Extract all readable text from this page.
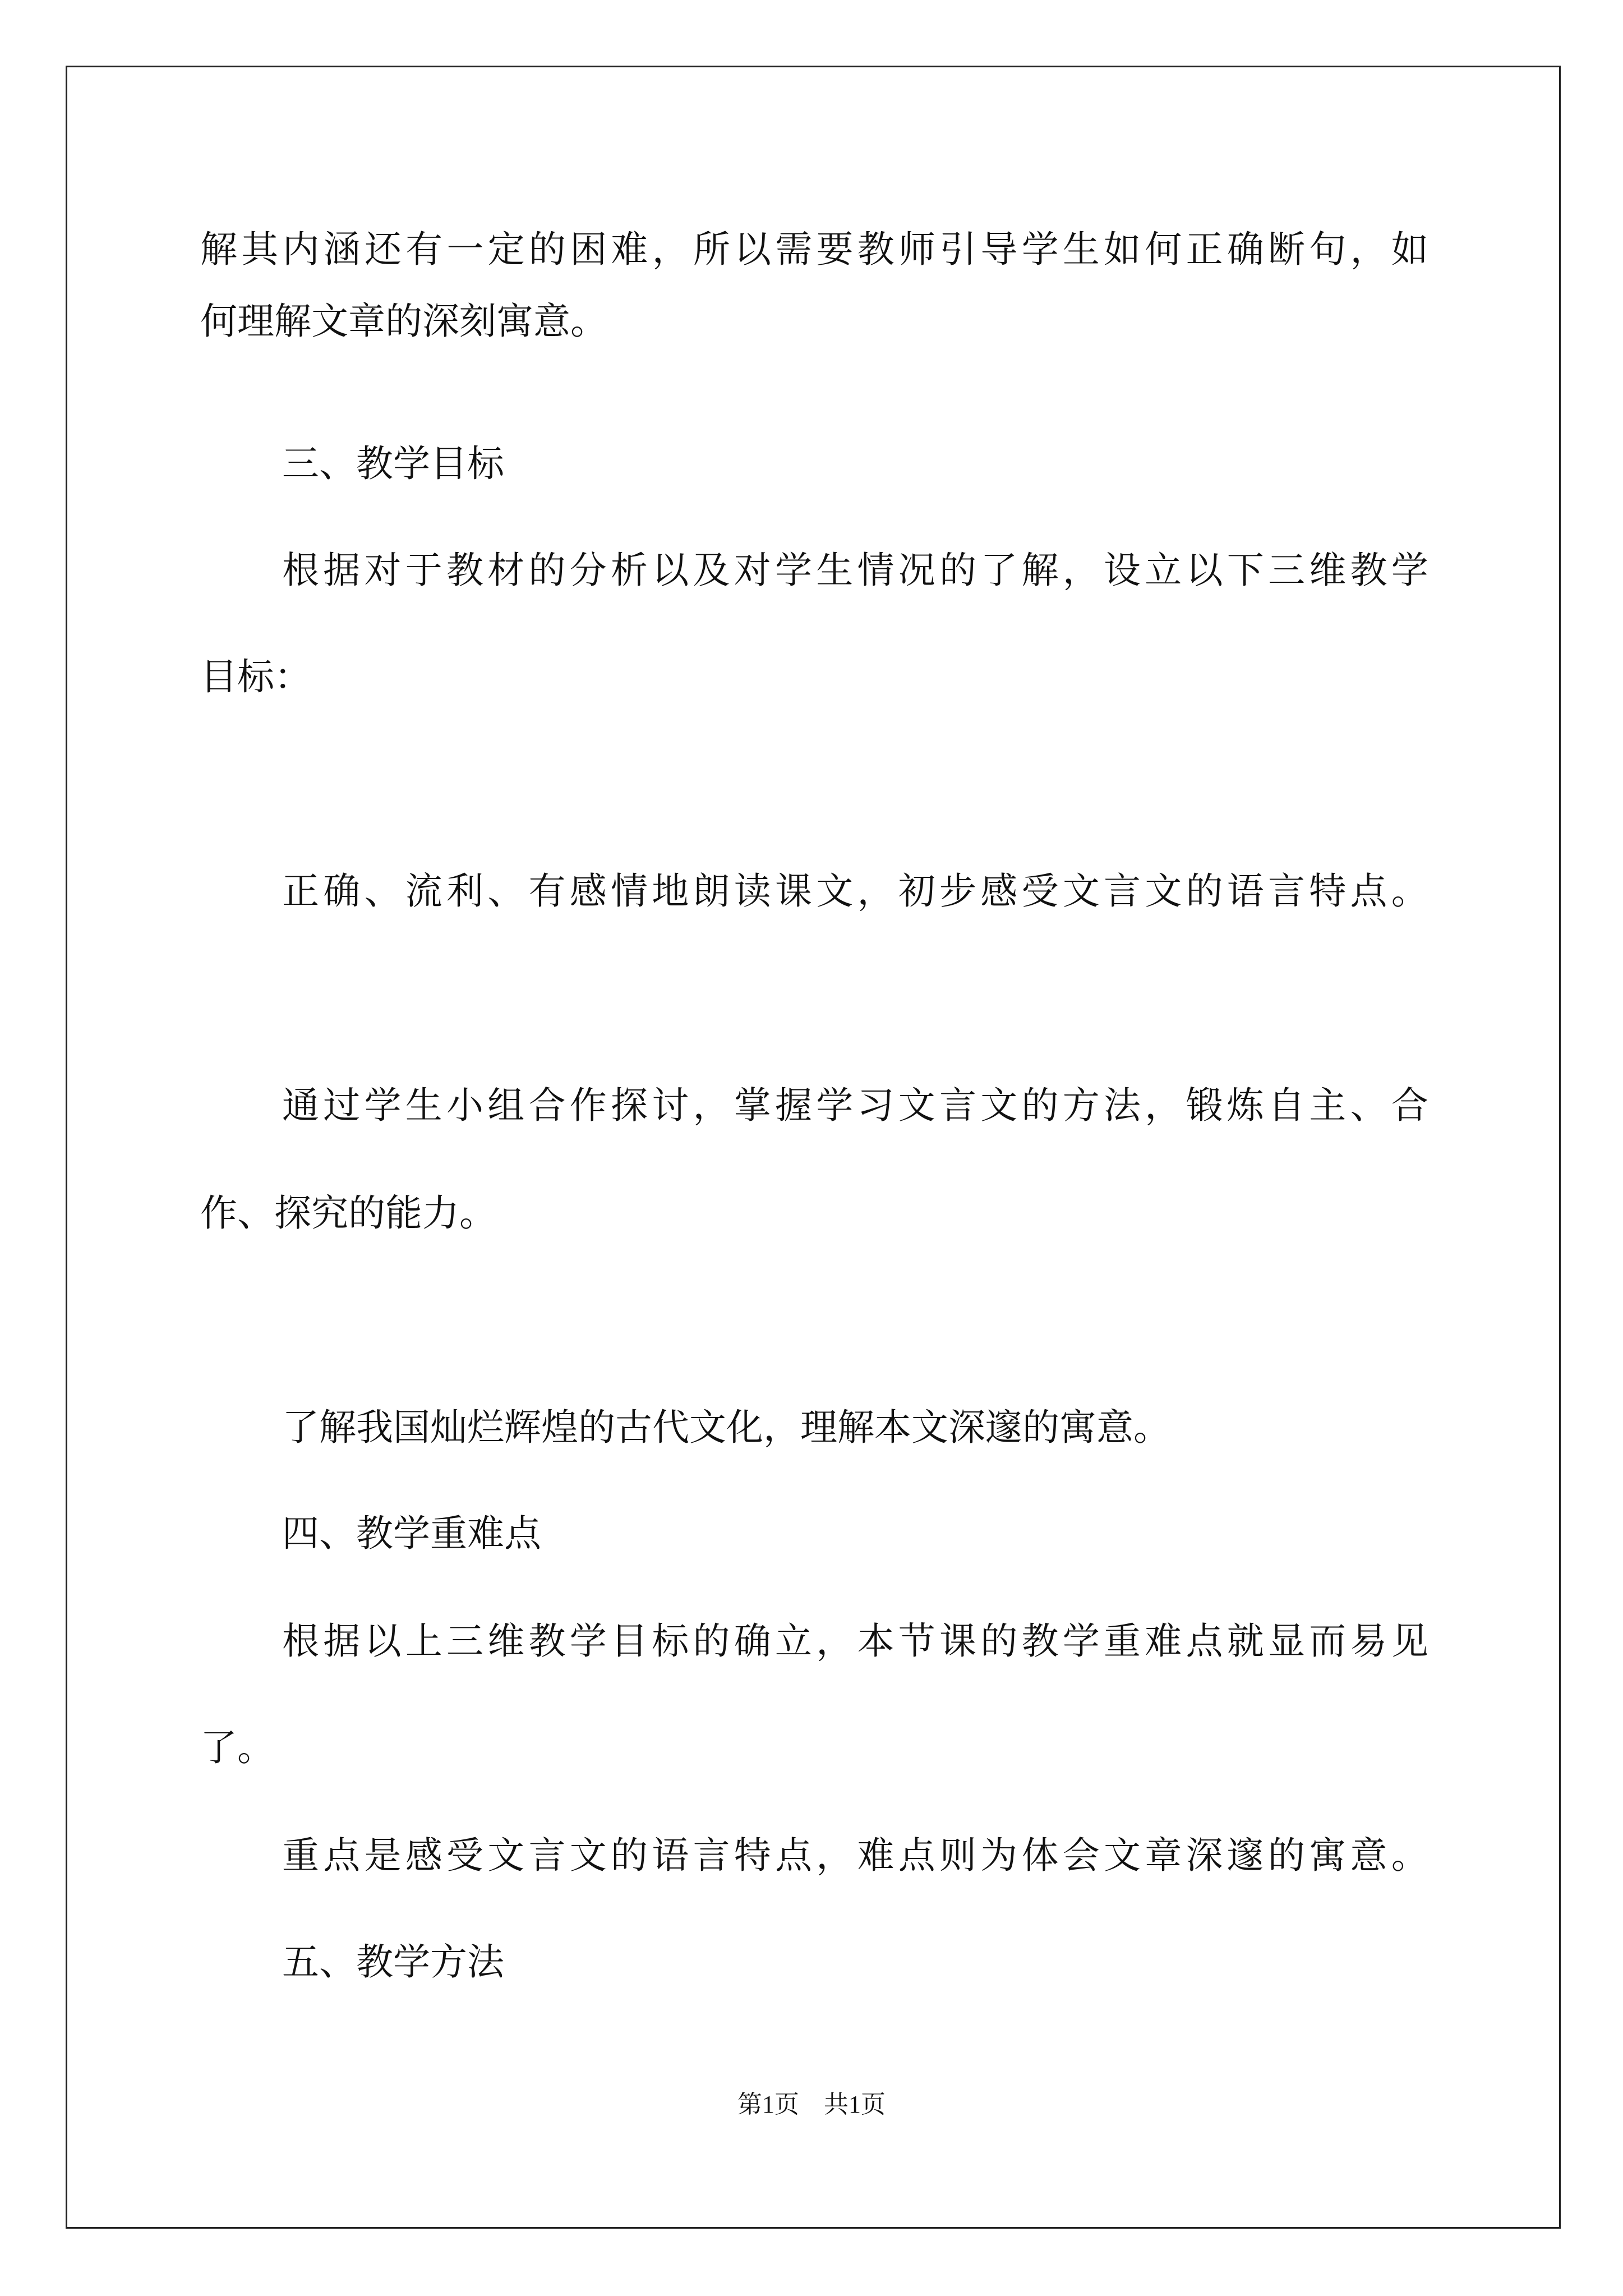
解 其 内 涵 还 有 一 定 的 困 难 ， 所 以 需 要 教 师 引 导 学 生 如 何 正 确 断 句 ， 如
何理解文章的深刻寓意。
三、教学目标
根 据 对 于 教 材 的 分 析 以 及 对 学 生 情 况 的 了 解 ， 设 立 以 下 三 维 教 学
目标：
正 确 、 流 利 、 有 感 情 地 朗 读 课 文 ， 初 步 感 受 文 言 文 的 语 言 特 点 。
通 过 学 生 小 组 合 作 探 讨 ， 掌 握 学 习 文 言 文 的 方 法 ， 锻 炼 自 主 、 合
作、探究的能力。
了解我国灿烂辉煌的古代文化，理解本文深邃的寓意。
四、教学重难点
根 据 以 上 三 维 教 学 目 标 的 确 立 ， 本 节 课 的 教 学 重 难 点 就 显 而 易 见
了。
重 点 是 感 受 文 言 文 的 语 言 特 点 ， 难 点 则 为 体 会 文 章 深 邃 的 寓 意 。
五、教学方法
第1页　共1页
